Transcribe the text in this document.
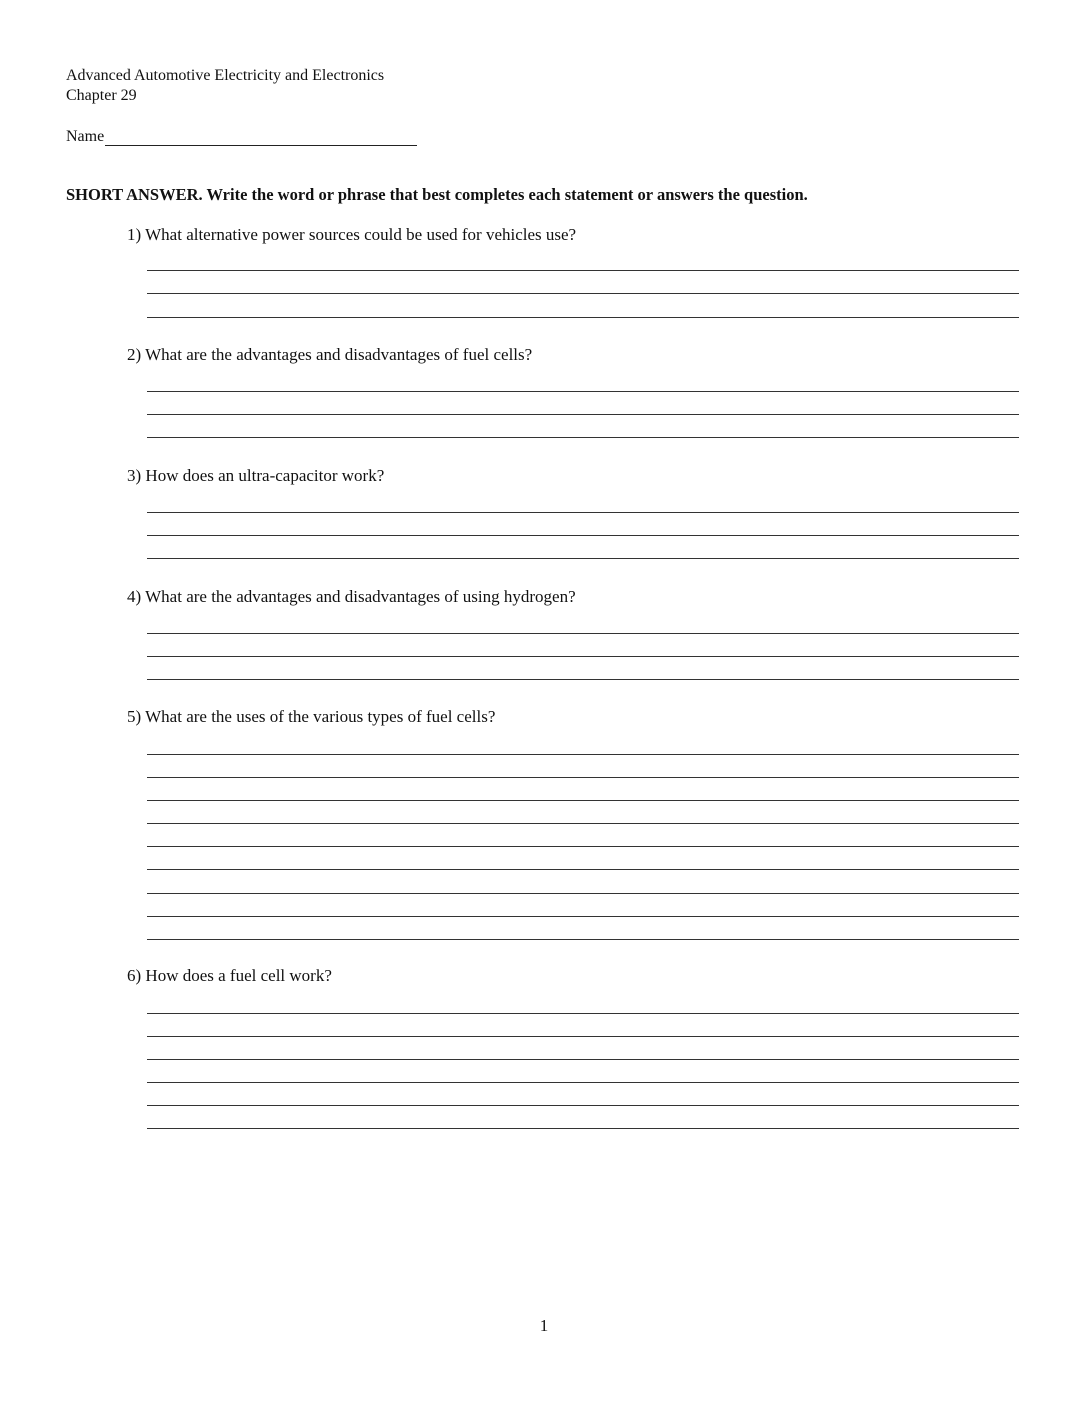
Advanced Automotive Electricity and Electronics
Chapter 29
Name
SHORT ANSWER. Write the word or phrase that best completes each statement or answers the question.

1) What alternative power sources could be used for vehicles use?

2) What are the advantages and disadvantages of fuel cells?

3) How does an ultra-capacitor work?

4) What are the advantages and disadvantages of using hydrogen?

5) What are the uses of the various types of fuel cells?

6) How does a fuel cell work?

1
